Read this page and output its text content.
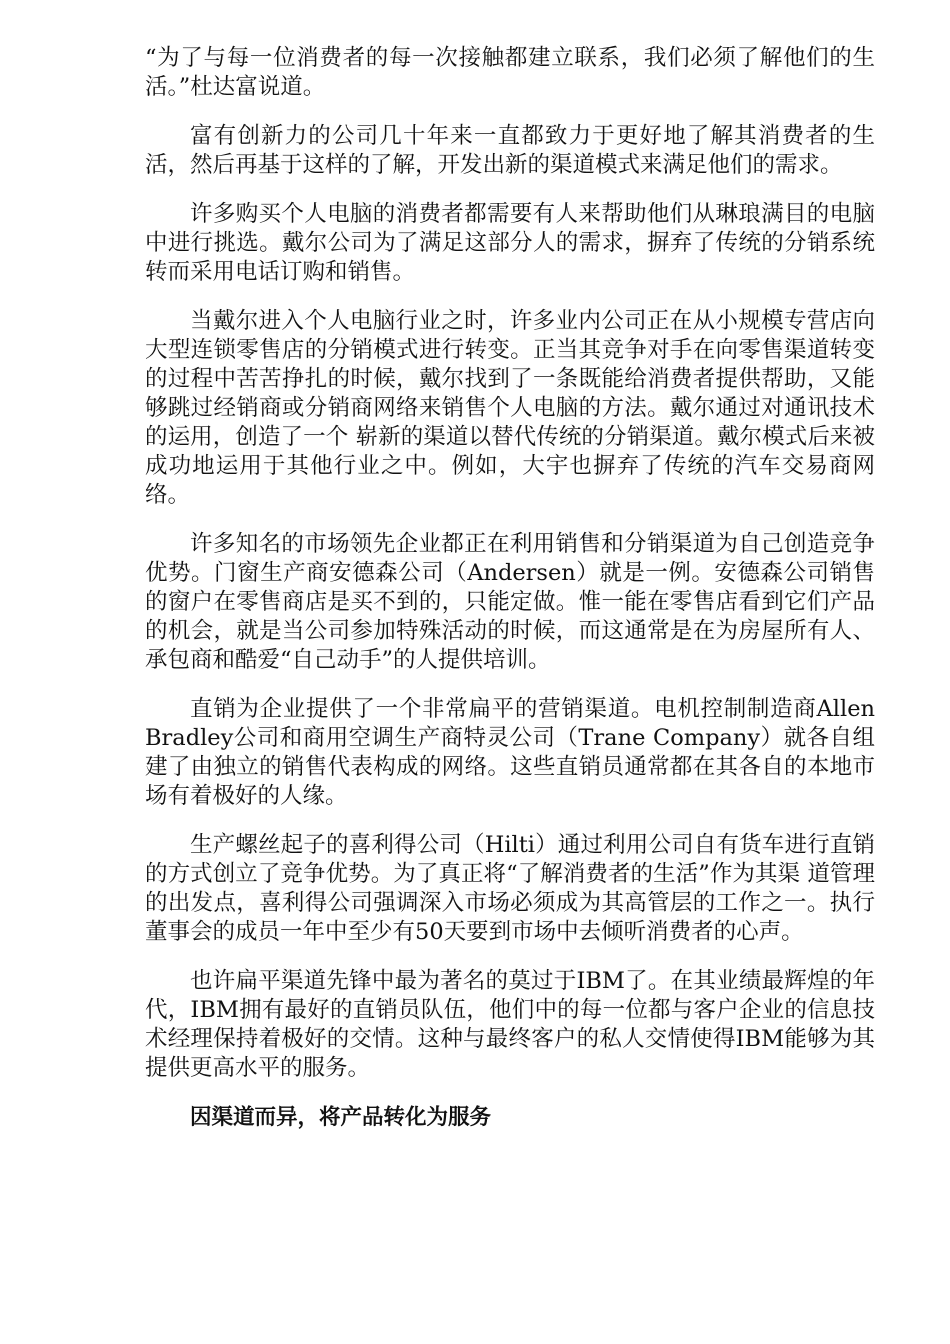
“为了与每一位消费者的每一次接触都建立联系，我们必须了解他们的生活。”杜达富说道。

富有创新力的公司几十年来一直都致力于更好地了解其消费者的生活，然后再基于这样的了解，开发出新的渠道模式来满足他们的需求。

许多购买个人电脑的消费者都需要有人来帮助他们从琳琅满目的电脑中进行挑选。戴尔公司为了满足这部分人的需求，摒弃了传统的分销系统转而采用电话订购和销售。

当戴尔进入个人电脑行业之时，许多业内公司正在从小规模专营店向大型连锁零售店的分销模式进行转变。正当其竞争对手在向零售渠道转变的过程中苦苦挣扎的时候，戴尔找到了一条既能给消费者提供帮助，又能够跳过经销商或分销商网络来销售个人电脑的方法。戴尔通过对通讯技术的运用，创造了一个 崭新的渠道以替代传统的分销渠道。戴尔模式后来被成功地运用于其他行业之中。例如，大宇也摒弃了传统的汽车交易商网络。

许多知名的市场领先企业都正在利用销售和分销渠道为自己创造竞争优势。门窗生产商安德森公司（Andersen）就是一例。安德森公司销售的窗户在零售商店是买不到的，只能定做。惟一能在零售店看到它们产品的机会，就是当公司参加特殊活动的时候，而这通常是在为房屋所有人、承包商和酷爱“自己动手”的人提供培训。

直销为企业提供了一个非常扁平的营销渠道。电机控制制造商Allen Bradley公司和商用空调生产商特灵公司（Trane Company）就各自组建了由独立的销售代表构成的网络。这些直销员通常都在其各自的本地市场有着极好的人缘。

生产螺丝起子的喜利得公司（Hilti）通过利用公司自有货车进行直销的方式创立了竞争优势。为了真正将“了解消费者的生活”作为其渠 道管理的出发点，喜利得公司强调深入市场必须成为其高管层的工作之一。执行董事会的成员一年中至少有50天要到市场中去倾听消费者的心声。

也许扁平渠道先锋中最为著名的莫过于IBM了。在其业绩最辉煌的年代，IBM拥有最好的直销员队伍，他们中的每一位都与客户企业的信息技术经理保持着极好的交情。这种与最终客户的私人交情使得IBM能够为其提供更高水平的服务。

因渠道而异，将产品转化为服务
